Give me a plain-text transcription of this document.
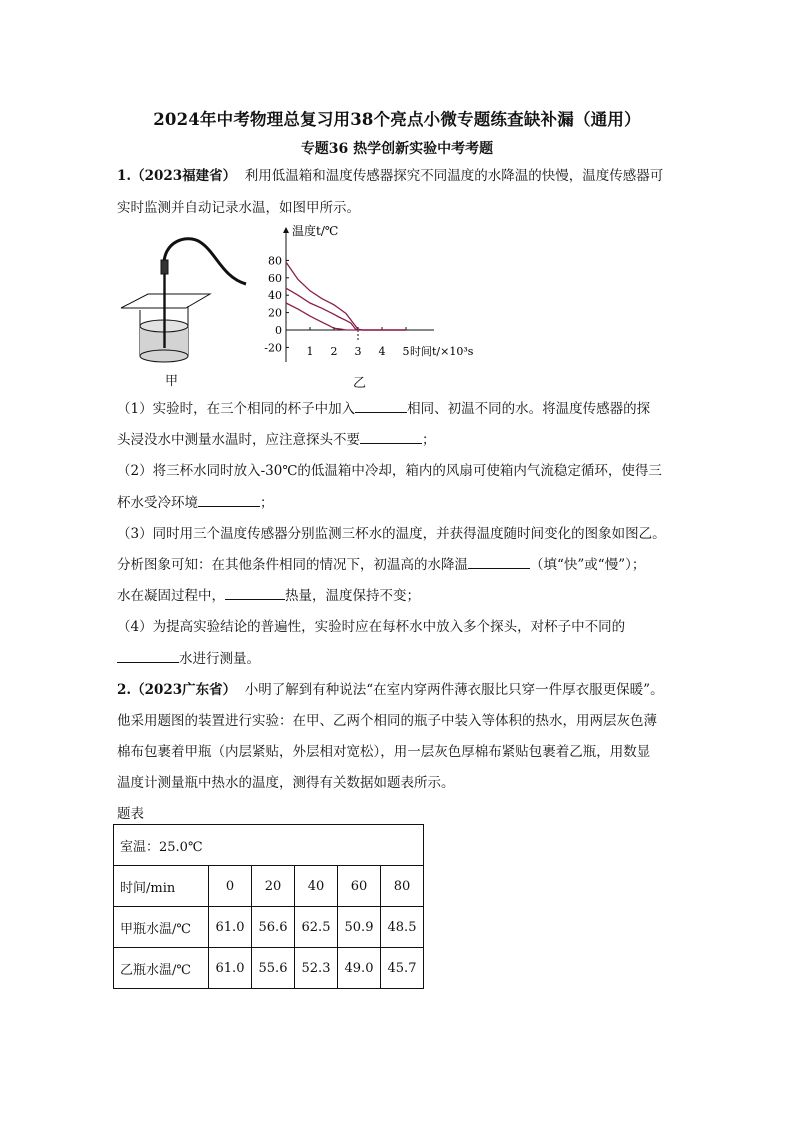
2024年中考物理总复习用38个亮点小微专题练查缺补漏（通用）
专题36 热学创新实验中考考题
1.（2023福建省） 利用低温箱和温度传感器探究不同温度的水降温的快慢，温度传感器可
实时监测并自动记录水温，如图甲所示。
甲
温度t/℃
时间t/×10³s
80
60
40
20
0
-20 1 2 3 4 5
乙
（1）实验时，在三个相同的杯子中加入	相同、初温不同的水。将温度传感器的探
头浸没水中测量水温时，应注意探头不要	；
（2）将三杯水同时放入-30℃的低温箱中冷却，箱内的风扇可使箱内气流稳定循环，使得三
杯水受冷环境	；
（3）同时用三个温度传感器分别监测三杯水的温度，并获得温度随时间变化的图象如图乙。
分析图象可知：在其他条件相同的情况下，初温高的水降温	（填“快”或“慢”）；
水在凝固过程中，	热量，温度保持不变；
（4）为提高实验结论的普遍性，实验时应在每杯水中放入多个探头，对杯子中不同的
水进行测量。
2.（2023广东省） 小明了解到有种说法“在室内穿两件薄衣服比只穿一件厚衣服更保暖”。
他采用题图的装置进行实验：在甲、乙两个相同的瓶子中装入等体积的热水，用两层灰色薄
棉布包裹着甲瓶（内层紧贴，外层相对宽松），用一层灰色厚棉布紧贴包裹着乙瓶，用数显
温度计测量瓶中热水的温度，测得有关数据如题表所示。
题表
室温：25.0℃					
时间/min	0	20	40	60	80
甲瓶水温/℃	61.0	56.6	62.5	50.9	48.5
乙瓶水温/℃	61.0	55.6	52.3	49.0	45.7
